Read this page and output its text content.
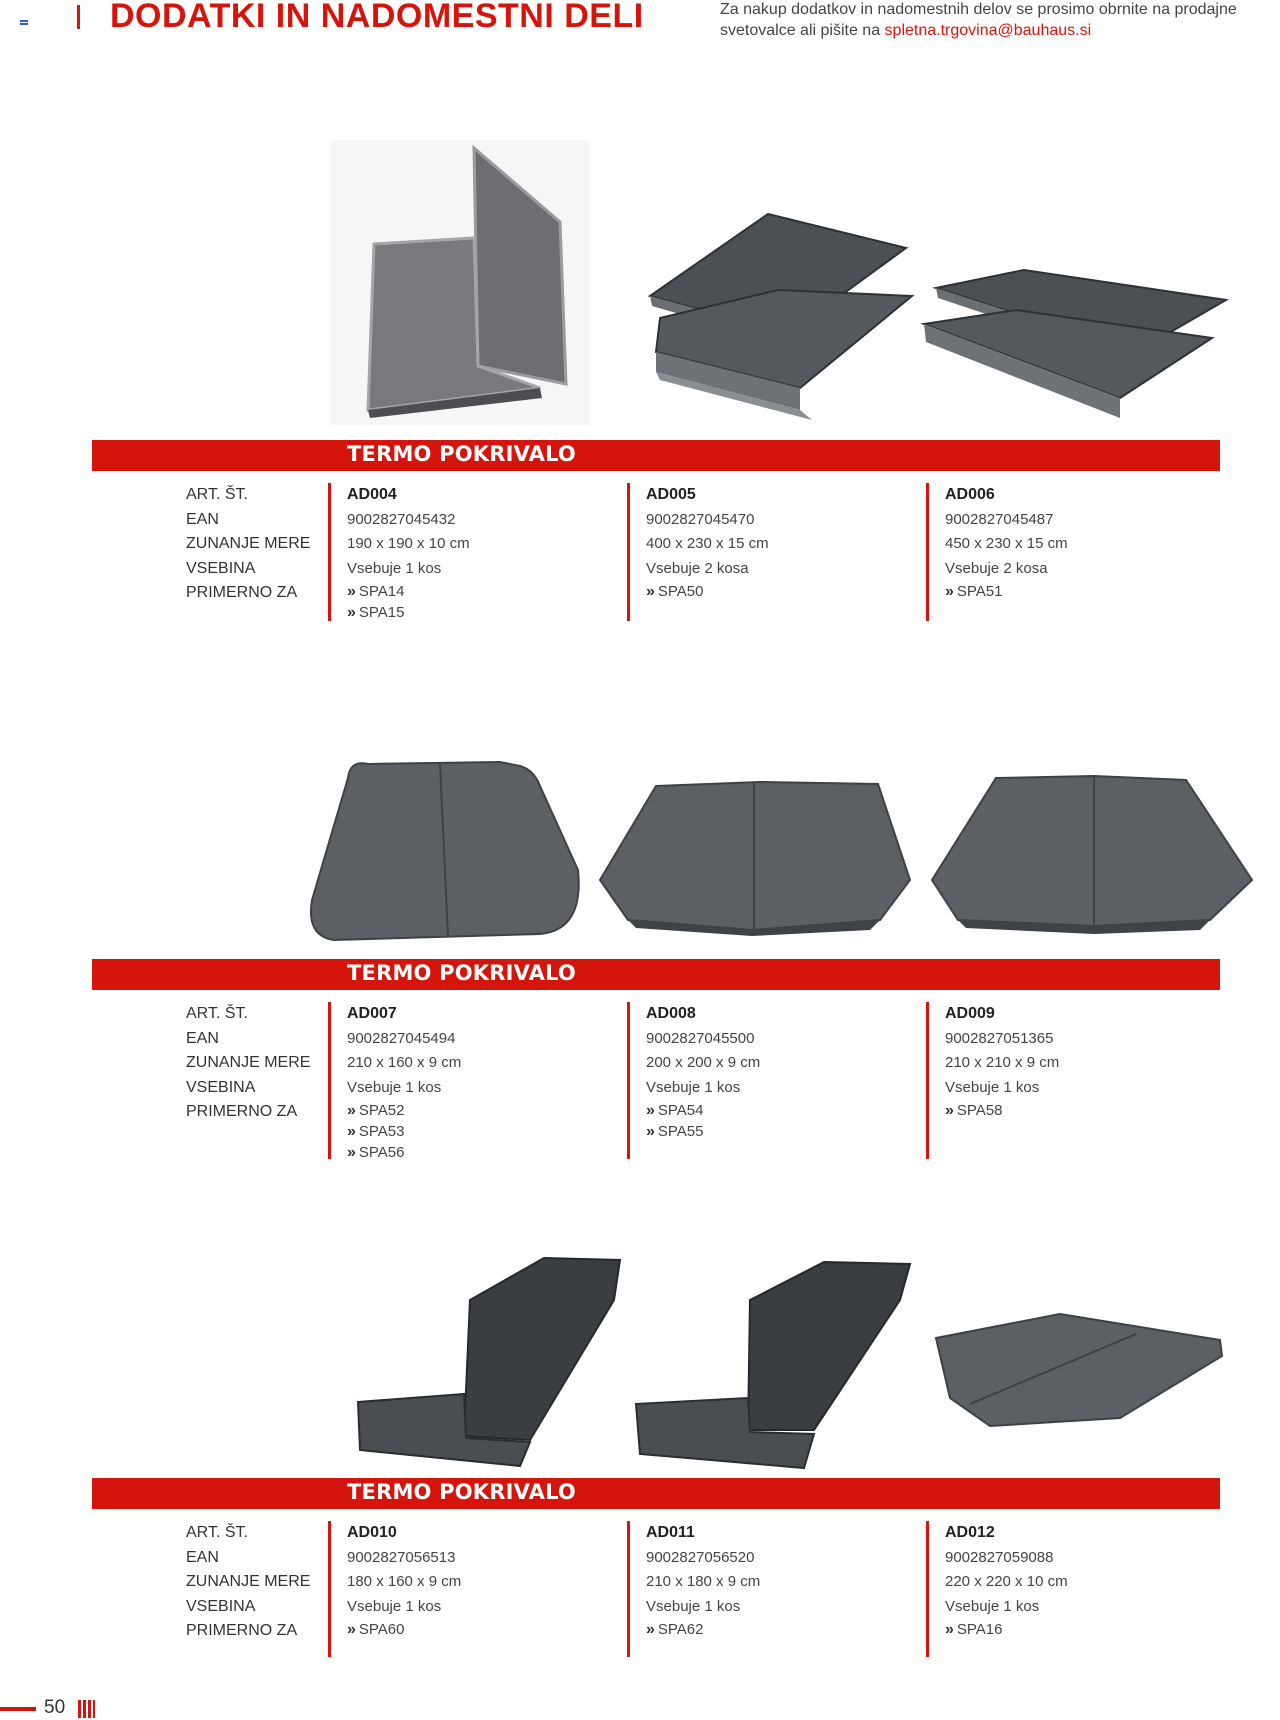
DODATKI IN NADOMESTNI DELI	Za nakup dodatkov in nadomestnih delov se prosimo obrnite na prodajne svetovalce ali pišite na spletna.trgovina@bauhaus.si
TERMO POKRIVALO
ART. ŠT.
EAN
ZUNANJE MERE
VSEBINA
PRIMERNO ZA
AD004
9002827045432
190 x 190 x 10 cm
Vsebuje 1 kos
» SPA14
» SPA15
AD005
9002827045470
400 x 230 x 15 cm
Vsebuje 2 kosa
» SPA50
AD006
9002827045487
450 x 230 x 15 cm
Vsebuje 2 kosa
» SPA51
TERMO POKRIVALO
ART. ŠT.
EAN
ZUNANJE MERE
VSEBINA
PRIMERNO ZA
AD007
9002827045494
210 x 160 x 9 cm
Vsebuje 1 kos
» SPA52
» SPA53
» SPA56
AD008
9002827045500
200 x 200 x 9 cm
Vsebuje 1 kos
» SPA54
» SPA55
AD009
9002827051365
210 x 210 x 9 cm
Vsebuje 1 kos
» SPA58
TERMO POKRIVALO
ART. ŠT.
EAN
ZUNANJE MERE
VSEBINA
PRIMERNO ZA
AD010
9002827056513
180 x 160 x 9 cm
Vsebuje 1 kos
» SPA60
AD011
9002827056520
210 x 180 x 9 cm
Vsebuje 1 kos
» SPA62
AD012
9002827059088
220 x 220 x 10 cm
Vsebuje 1 kos
» SPA16
50
